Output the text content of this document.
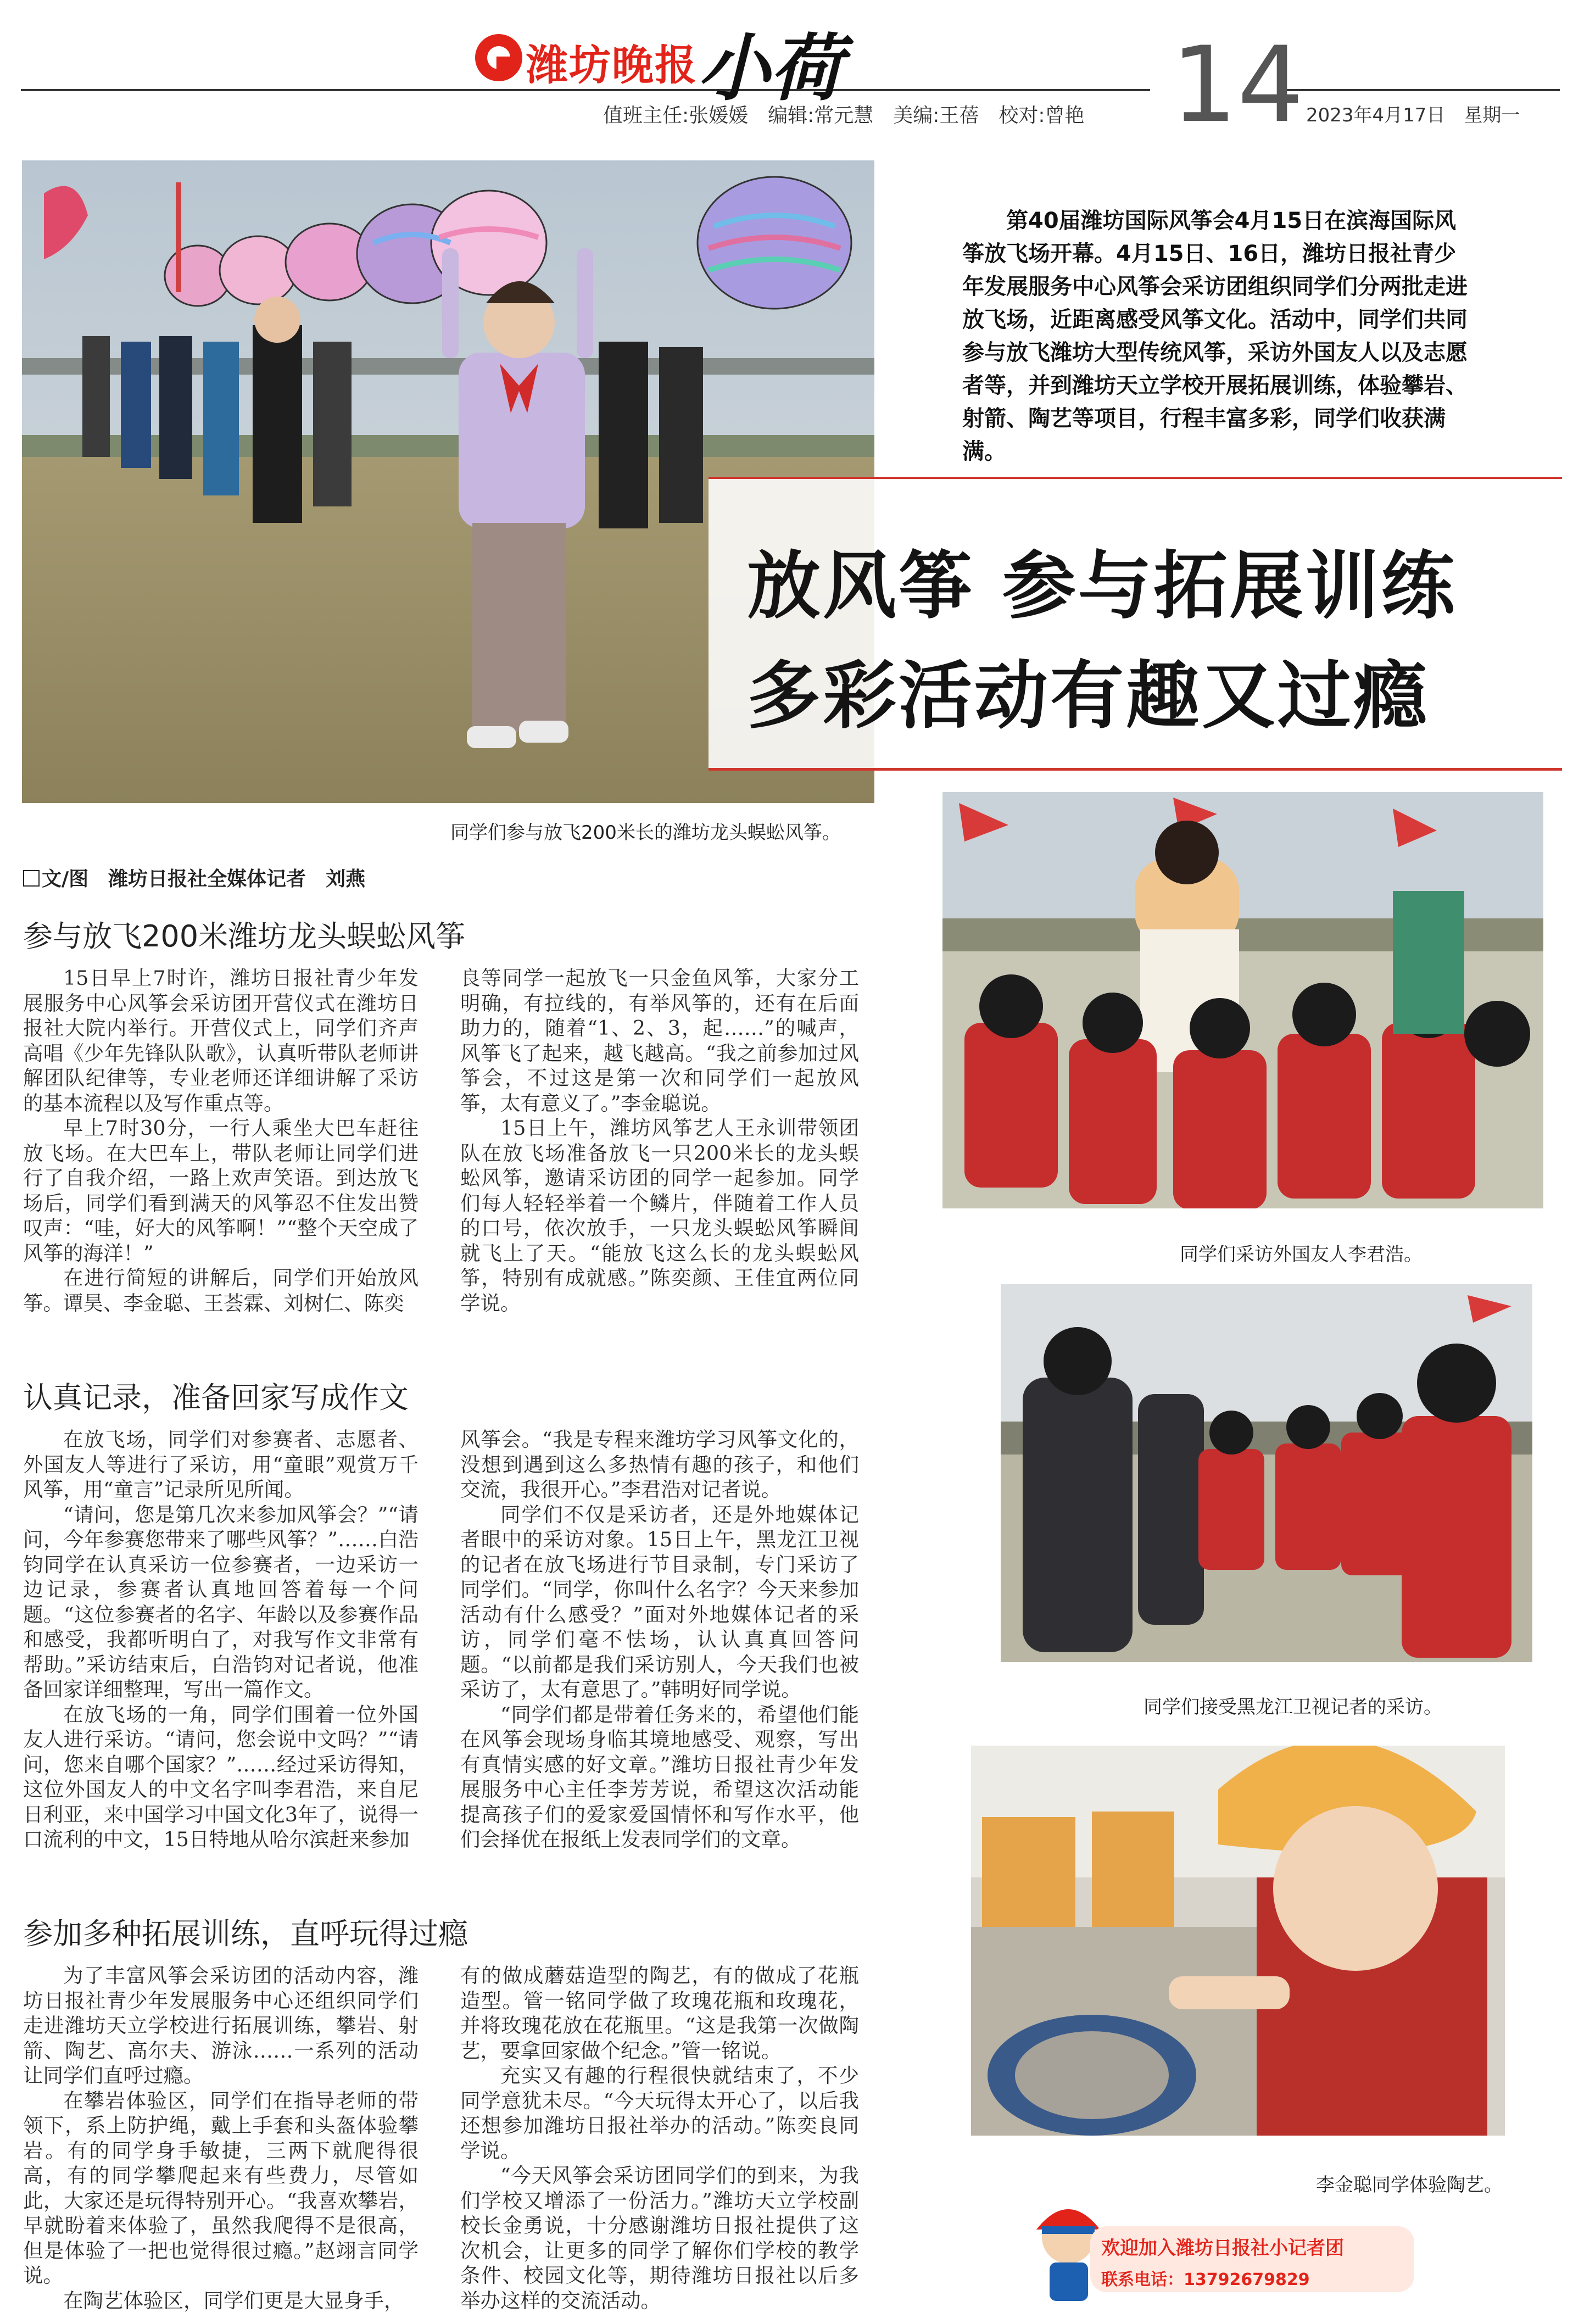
潍坊晚报 小荷	14
值班主任:张媛媛　编辑:常元慧　美编:王蓓　校对:曾艳	2023年4月17日　星期一
同学们参与放飞200米长的潍坊龙头蜈蚣风筝。
第40届潍坊国际风筝会4月15日在滨海国际风筝放飞场开幕。4月15日、16日，潍坊日报社青少年发展服务中心风筝会采访团组织同学们分两批走进放飞场，近距离感受风筝文化。活动中，同学们共同参与放飞潍坊大型传统风筝，采访外国友人以及志愿者等，并到潍坊天立学校开展拓展训练，体验攀岩、射箭、陶艺等项目，行程丰富多彩，同学们收获满满。
放风筝 参与拓展训练
多彩活动有趣又过瘾
同学们采访外国友人李君浩。
同学们接受黑龙江卫视记者的采访。
李金聪同学体验陶艺。
文/图　潍坊日报社全媒体记者　刘燕
参与放飞200米潍坊龙头蜈蚣风筝

15日早上7时许，潍坊日报社青少年发展服务中心风筝会采访团开营仪式在潍坊日报社大院内举行。开营仪式上，同学们齐声高唱《少年先锋队队歌》，认真听带队老师讲解团队纪律等，专业老师还详细讲解了采访的基本流程以及写作重点等。

早上7时30分，一行人乘坐大巴车赶往放飞场。在大巴车上，带队老师让同学们进行了自我介绍，一路上欢声笑语。到达放飞场后，同学们看到满天的风筝忍不住发出赞叹声：“哇，好大的风筝啊！”“整个天空成了风筝的海洋！”

在进行简短的讲解后，同学们开始放风筝。谭昊、李金聪、王荟霖、刘树仁、陈奕

良等同学一起放飞一只金鱼风筝，大家分工明确，有拉线的，有举风筝的，还有在后面助力的，随着“1、2、3，起……”的喊声，风筝飞了起来，越飞越高。“我之前参加过风筝会，不过这是第一次和同学们一起放风筝，太有意义了。”李金聪说。

15日上午，潍坊风筝艺人王永训带领团队在放飞场准备放飞一只200米长的龙头蜈蚣风筝，邀请采访团的同学一起参加。同学们每人轻轻举着一个鳞片，伴随着工作人员的口号，依次放手，一只龙头蜈蚣风筝瞬间就飞上了天。“能放飞这么长的龙头蜈蚣风筝，特别有成就感。”陈奕颜、王佳宜两位同学说。

认真记录，准备回家写成作文

在放飞场，同学们对参赛者、志愿者、外国友人等进行了采访，用“童眼”观赏万千风筝，用“童言”记录所见所闻。

“请问，您是第几次来参加风筝会？”“请问，今年参赛您带来了哪些风筝？”……白浩钧同学在认真采访一位参赛者，一边采访一边记录，参赛者认真地回答着每一个问题。“这位参赛者的名字、年龄以及参赛作品和感受，我都听明白了，对我写作文非常有帮助。”采访结束后，白浩钧对记者说，他准备回家详细整理，写出一篇作文。

在放飞场的一角，同学们围着一位外国友人进行采访。“请问，您会说中文吗？”“请问，您来自哪个国家？”……经过采访得知，这位外国友人的中文名字叫李君浩，来自尼日利亚，来中国学习中国文化3年了，说得一口流利的中文，15日特地从哈尔滨赶来参加

风筝会。“我是专程来潍坊学习风筝文化的，没想到遇到这么多热情有趣的孩子，和他们交流，我很开心。”李君浩对记者说。

同学们不仅是采访者，还是外地媒体记者眼中的采访对象。15日上午，黑龙江卫视的记者在放飞场进行节目录制，专门采访了同学们。“同学，你叫什么名字？今天来参加活动有什么感受？”面对外地媒体记者的采访，同学们毫不怯场，认认真真回答问题。“以前都是我们采访别人，今天我们也被采访了，太有意思了。”韩明好同学说。

“同学们都是带着任务来的，希望他们能在风筝会现场身临其境地感受、观察，写出有真情实感的好文章。”潍坊日报社青少年发展服务中心主任李芳芳说，希望这次活动能提高孩子们的爱家爱国情怀和写作水平，他们会择优在报纸上发表同学们的文章。

参加多种拓展训练，直呼玩得过瘾

为了丰富风筝会采访团的活动内容，潍坊日报社青少年发展服务中心还组织同学们走进潍坊天立学校进行拓展训练，攀岩、射箭、陶艺、高尔夫、游泳……一系列的活动让同学们直呼过瘾。

在攀岩体验区，同学们在指导老师的带领下，系上防护绳，戴上手套和头盔体验攀岩。有的同学身手敏捷，三两下就爬得很高，有的同学攀爬起来有些费力，尽管如此，大家还是玩得特别开心。“我喜欢攀岩，早就盼着来体验了，虽然我爬得不是很高，但是体验了一把也觉得很过瘾。”赵翊言同学说。

在陶艺体验区，同学们更是大显身手，

有的做成蘑菇造型的陶艺，有的做成了花瓶造型。管一铭同学做了玫瑰花瓶和玫瑰花，并将玫瑰花放在花瓶里。“这是我第一次做陶艺，要拿回家做个纪念。”管一铭说。

充实又有趣的行程很快就结束了，不少同学意犹未尽。“今天玩得太开心了，以后我还想参加潍坊日报社举办的活动。”陈奕良同学说。

“今天风筝会采访团同学们的到来，为我们学校又增添了一份活力。”潍坊天立学校副校长金勇说，十分感谢潍坊日报社提供了这次机会，让更多的同学了解你们学校的教学条件、校园文化等，期待潍坊日报社以后多举办这样的交流活动。

欢迎加入潍坊日报社小记者团
联系电话：13792679829
